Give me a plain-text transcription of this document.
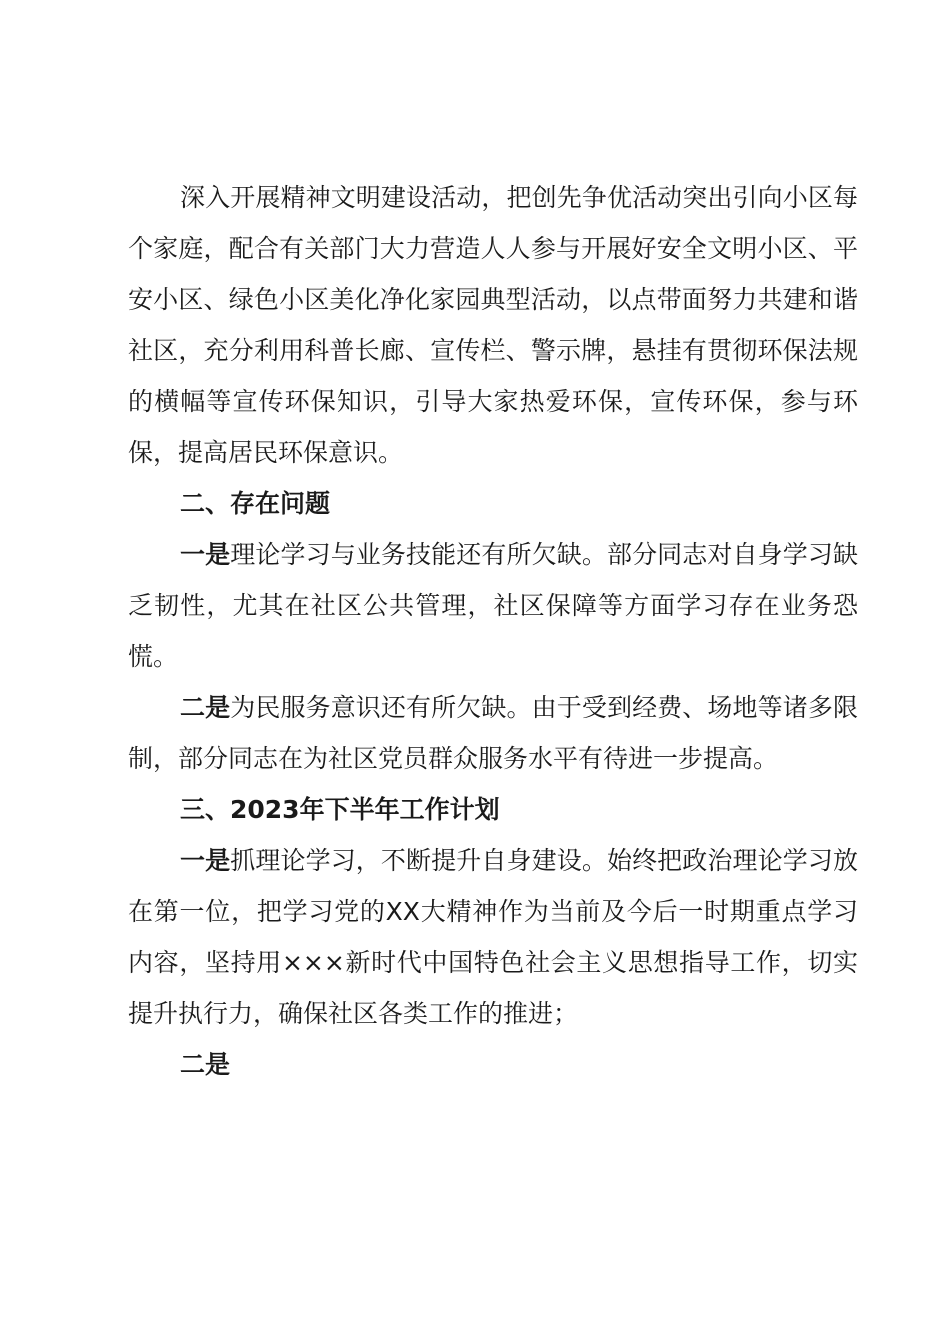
深入开展精神文明建设活动，把创先争优活动突出引向小区每个家庭，配合有关部门大力营造人人参与开展好安全文明小区、平安小区、绿色小区美化净化家园典型活动，以点带面努力共建和谐社区，充分利用科普长廊、宣传栏、警示牌，悬挂有贯彻环保法规的横幅等宣传环保知识，引导大家热爱环保，宣传环保，参与环保，提高居民环保意识。

二、存在问题

一是理论学习与业务技能还有所欠缺。部分同志对自身学习缺乏韧性，尤其在社区公共管理，社区保障等方面学习存在业务恐慌。

二是为民服务意识还有所欠缺。由于受到经费、场地等诸多限制，部分同志在为社区党员群众服务水平有待进一步提高。

三、2023年下半年工作计划

一是抓理论学习，不断提升自身建设。始终把政治理论学习放在第一位，把学习党的XX大精神作为当前及今后一时期重点学习内容，坚持用×××新时代中国特色社会主义思想指导工作，切实提升执行力，确保社区各类工作的推进；

二是
